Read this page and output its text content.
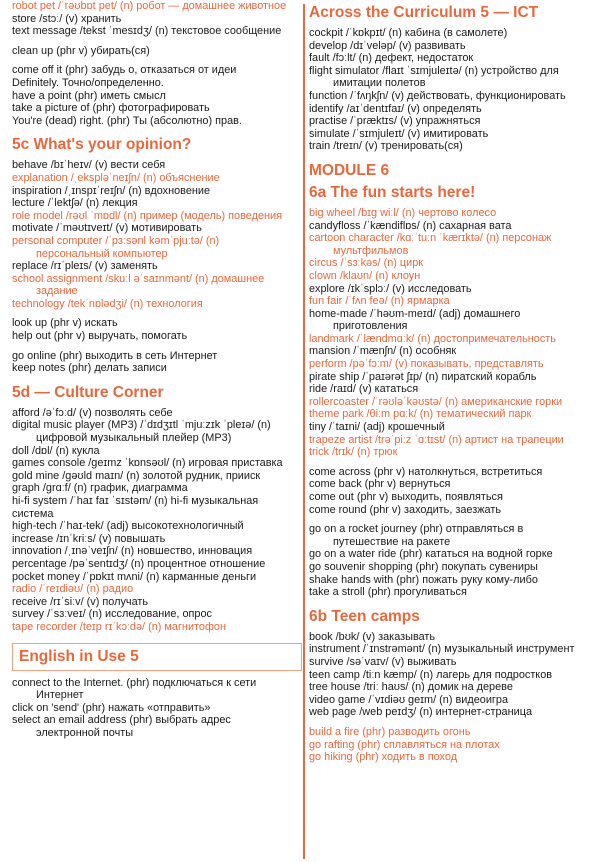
robot pet /ˈrəʊbɒt pet/ (n) робот — домашнее животное
store /stɔː/ (v) хранить
text message /tekst ˈmesɪdʒ/ (n) текстовое сообщение
clean up (phr v) убирать(ся)
come off it (phr) забудь о, отказаться от идеи
Definitely. Точно/определенно.
have a point (phr) иметь смысл
take a picture of (phr) фотографировать
You're (dead) right. (phr) Ты (абсолютно) прав.
5c What's your opinion?
behave /bɪˈheɪv/ (v) вести себя
explanation /ˌekspləˈneɪʃn/ (n) объяснение
inspiration /ˌɪnspɪˈreɪʃn/ (n) вдохновение
lecture /ˈlektʃə/ (n) лекция
role model /rəʊl ˈmɒdl/ (n) пример (модель) поведения
motivate /ˈməʊtɪveɪt/ (v) мотивировать
personal computer /ˈpɜːsənl kəmˈpjuːtə/ (n)
персональный компьютер
replace /rɪˈpleɪs/ (v) заменять
school assignment /skuːl əˈsaɪnmənt/ (n) домашнее
задание
technology /tekˈnɒlədʒi/ (n) технология
look up (phr v) искать
help out (phr v) выручать, помогать
go online (phr) выходить в сеть Интернет
keep notes (phr) делать записи
5d — Culture Corner
afford /əˈfɔːd/ (v) позволять себе
digital music player (MP3) /ˈdɪdʒɪtl ˈmjuːzɪk ˈpleɪə/ (n)
цифровой музыкальный плейер (MP3)
doll /dɒl/ (n) кукла
games console /ɡeɪmz ˈkɒnsəʊl/ (n) игровая приставка
gold mine /ɡəʊld maɪn/ (n) золотой рудник, прииск
graph /ɡrɑːf/ (n) график, диаграмма
hi-fi system /ˈhaɪ faɪ ˈsɪstəm/ (n) hi-fi музыкальная система
high-tech /ˈhaɪ-tek/ (adj) высокотехнологичный
increase /ɪnˈkriːs/ (v) повышать
innovation /ˌɪnəˈveɪʃn/ (n) новшество, инновация
percentage /pəˈsentɪdʒ/ (n) процентное отношение
pocket money /ˈpɒkɪt mʌni/ (n) карманные деньги
radio /ˈreɪdiəʊ/ (n) радио
receive /rɪˈsiːv/ (v) получать
survey /ˈsɜːveɪ/ (n) исследование, опрос
tape recorder /teɪp rɪˈkɔːdə/ (n) магнитофон
English in Use 5
connect to the Internet. (phr) подключаться к сети
Интернет
click on 'send' (phr) нажать «отправить»
select an email address (phr) выбрать адрес
электронной почты
Across the Curriculum 5 — ICT
cockpit /ˈkɒkpɪt/ (n) кабина (в самолете)
develop /dɪˈveləp/ (v) развивать
fault /fɔːlt/ (n) дефект, недостаток
flight simulator /flaɪt ˈsɪmjuleɪtə/ (n) устройство для
имитации полетов
function /ˈfʌŋkʃn/ (v) действовать, функционировать
identify /aɪˈdentɪfaɪ/ (v) определять
practise /ˈpræktɪs/ (v) упражняться
simulate /ˈsɪmjuleɪt/ (v) имитировать
train /treɪn/ (v) тренировать(ся)
MODULE 6
6a The fun starts here!
big wheel /bɪɡ wiːl/ (n) чертово колесо
candyfloss /ˈkændiflɒs/ (n) сахарная вата
cartoon character /kɑːˈtuːn ˈkærɪktə/ (n) персонаж
мультфильмов
circus /ˈsɜːkəs/ (n) цирк
clown /klaʊn/ (n) клоун
explore /ɪkˈsplɔː/ (v) исследовать
fun fair /ˈfʌn feə/ (n) ярмарка
home-made /ˈhəʊm-meɪd/ (adj) домашнего
приготовления
landmark /ˈlændmɑːk/ (n) достопримечательность
mansion /ˈmænʃn/ (n) особняк
perform /pəˈfɔːm/ (v) показывать, представлять
pirate ship /ˈpaɪərət ʃɪp/ (n) пиратский корабль
ride /raɪd/ (v) кататься
rollercoaster /ˈrəʊləˈkəʊstə/ (n) американские горки
theme park /θiːm pɑːk/ (n) тематический парк
tiny /ˈtaɪni/ (adj) крошечный
trapeze artist /trəˈpiːz ˈɑːtɪst/ (n) артист на трапеции
trick /trɪk/ (n) трюк
come across (phr v) натолкнуться, встретиться
come back (phr v) вернуться
come out (phr v) выходить, появляться
come round (phr v) заходить, заезжать
go on a rocket journey (phr) отправляться в
путешествие на ракете
go on a water ride (phr) кататься на водной горке
go souvenir shopping (phr) покупать сувениры
shake hands with (phr) пожать руку кому-либо
take a stroll (phr) прогуливаться
6b Teen camps
book /bʊk/ (v) заказывать
instrument /ˈɪnstrəmənt/ (n) музыкальный инструмент
survive /səˈvaɪv/ (v) выживать
teen camp /tiːn kæmp/ (n) лагерь для подростков
tree house /triː haʊs/ (n) домик на дереве
video game /ˈvɪdiəʊ ɡeɪm/ (n) видеоигра
web page /web peɪdʒ/ (n) интернет-страница
build a fire (phr) разводить огонь
go rafting (phr) сплавляться на плотах
go hiking (phr) ходить в поход
